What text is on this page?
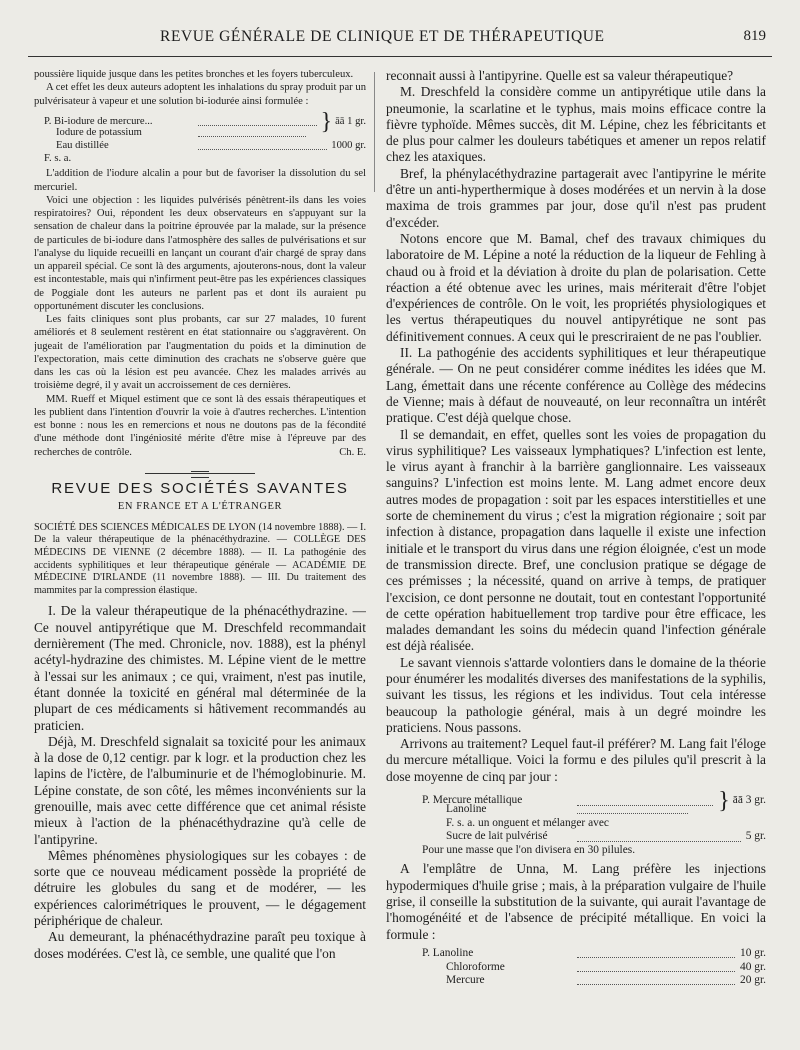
REVUE GÉNÉRALE DE CLINIQUE ET DE THÉRAPEUTIQUE	819

poussière liquide jusque dans les petites bronches et les foyers tuberculeux.

A cet effet les deux auteurs adoptent les inhalations du spray produit par un pulvérisateur à vapeur et une solution bi-iodurée ainsi formulée :

P. Bi-iodure de mercure...	} āā 1 gr.
Iodure de potassium
Eau distillée	1000 gr.
F. s. a.

L'addition de l'iodure alcalin a pour but de favoriser la dissolution du sel mercuriel.

Voici une objection : les liquides pulvérisés pénètrent-ils dans les voies respiratoires? Oui, répondent les deux observateurs en s'appuyant sur la sensation de chaleur dans la poitrine éprouvée par la malade, sur la présence de particules de bi-iodure dans l'atmosphère des salles de pulvérisations et sur l'analyse du liquide recueilli en lançant un courant d'air chargé de spray dans un appareil spécial. Ce sont là des arguments, ajouterons-nous, dont la valeur est incontestable, mais qui n'infirment peut-être pas les expériences classiques de Poggiale dont les auteurs ne parlent pas et dont ils auraient pu opportunément discuter les conclusions.

Les faits cliniques sont plus probants, car sur 27 malades, 10 furent améliorés et 8 seulement restèrent en état stationnaire ou s'aggravèrent. On jugeait de l'amélioration par l'augmentation du poids et la diminution de l'expectoration, mais cette diminution des crachats ne s'observe guère que dans les cas où la lésion est peu avancée. Chez les malades arrivés au troisième degré, il y avait un accroissement de ces dernières.

MM. Rueff et Miquel estiment que ce sont là des essais thérapeutiques et les publient dans l'intention d'ouvrir la voie à d'autres recherches. L'intention est bonne : nous les en remercions et nous ne doutons pas de la fécondité d'une méthode dont l'ingéniosité mérite d'être mise à l'épreuve par des recherches de contrôle.	Ch. E.

REVUE DES SOCIÉTÉS SAVANTES
EN FRANCE ET A L'ÉTRANGER

SOCIÉTÉ DES SCIENCES MÉDICALES DE LYON (14 novembre 1888). — I. De la valeur thérapeutique de la phénacéthydrazine. — COLLÈGE DES MÉDECINS DE VIENNE (2 décembre 1888). — II. La pathogénie des accidents syphilitiques et leur thérapeutique générale — ACADÉMIE DE MÉDECINE D'IRLANDE (11 novembre 1888). — III. Du traitement des mammites par la compression élastique.

I. De la valeur thérapeutique de la phénacéthydrazine. — Ce nouvel antipyrétique que M. Dreschfeld recommandait dernièrement (The med. Chronicle, nov. 1888), est la phényl acétyl-hydrazine des chimistes. M. Lépine vient de le mettre à l'essai sur les animaux ; ce qui, vraiment, n'est pas inutile, étant donnée la toxicité en général mal déterminée de la plupart de ces médicaments si hâtivement recommandés au praticien.

Déjà, M. Dreschfeld signalait sa toxicité pour les animaux à la dose de 0,12 centigr. par k logr. et la production chez les lapins de l'ictère, de l'albuminurie et de l'hémoglobinurie. M. Lépine constate, de son côté, les mêmes inconvénients sur la grenouille, mais avec cette différence que cet animal résiste mieux à l'action de la phénacéthydrazine qu'à celle de l'antipyrine.

Mêmes phénomènes physiologiques sur les cobayes : de sorte que ce nouveau médicament possède la propriété de détruire les globules du sang et de modérer, — les expériences calorimétriques le prouvent, — le dégagement périphérique de chaleur.

Au demeurant, la phénacéthydrazine paraît peu toxique à doses modérées. C'est là, ce semble, une qualité que l'on

reconnait aussi à l'antipyrine. Quelle est sa valeur thérapeutique?

M. Dreschfeld la considère comme un antipyrétique utile dans la pneumonie, la scarlatine et le typhus, mais moins efficace contre la fièvre typhoïde. Mêmes succès, dit M. Lépine, chez les fébricitants et de plus pour calmer les douleurs tabétiques et amener un repos relatif chez les ataxiques.

Bref, la phénylacéthydrazine partagerait avec l'antipyrine le mérite d'être un anti-hyperthermique à doses modérées et un nervin à la dose maxima de trois grammes par jour, dose qu'il n'est pas prudent d'excéder.

Notons encore que M. Bamal, chef des travaux chimiques du laboratoire de M. Lépine a noté la réduction de la liqueur de Fehling à chaud ou à froid et la déviation à droite du plan de polarisation. Cette réaction a été obtenue avec les urines, mais mériterait d'être l'objet d'expériences de contrôle. On le voit, les propriétés physiologiques et les vertus thérapeutiques du nouvel antipyrétique ne sont pas définitivement connues. A ceux qui le prescriraient de ne pas l'oublier.

II. La pathogénie des accidents syphilitiques et leur thérapeutique générale. — On ne peut considérer comme inédites les idées que M. Lang, émettait dans une récente conférence au Collège des médecins de Vienne; mais à défaut de nouveauté, on leur reconnaîtra un intérêt pratique. C'est déjà quelque chose.

Il se demandait, en effet, quelles sont les voies de propagation du virus syphilitique? Les vaisseaux lymphatiques? L'infection est lente, le virus ayant à franchir à la barrière ganglionnaire. Les vaisseaux sanguins? L'infection est moins lente. M. Lang admet encore deux autres modes de propagation : soit par les espaces interstitielles et une sorte de cheminement du virus ; c'est la migration régionaire ; soit par infection à distance, propagation dans laquelle il existe une infection initiale et le transport du virus dans une région éloignée, c'est un mode de transmission directe. Bref, une conclusion pratique se dégage de ces prémisses ; la nécessité, quand on arrive à temps, de pratiquer l'excision, ce dont personne ne doutait, tout en contestant l'opportunité de cette opération habituellement trop tardive pour être efficace, les malades demandant les soins du médecin quand l'infection générale est déjà réalisée.

Le savant viennois s'attarde volontiers dans le domaine de la théorie pour énumérer les modalités diverses des manifestations de la syphilis, suivant les tissus, les régions et les individus. Tout cela intéresse beaucoup la pathologie général, mais à un degré moindre les praticiens. Nous passons.

Arrivons au traitement? Lequel faut-il préférer? M. Lang fait l'éloge du mercure métallique. Voici la formu e des pilules qu'il prescrit à la dose moyenne de cinq par jour :

P. Mercure métallique	} āā 3 gr.
Lanoline
F. s. a. un onguent et mélanger avec
Sucre de lait pulvérisé	5 gr.
Pour une masse que l'on divisera en 30 pilules.

A l'emplâtre de Unna, M. Lang préfère les injections hypodermiques d'huile grise ; mais, à la préparation vulgaire de l'huile grise, il conseille la substitution de la suivante, qui aurait l'avantage de l'homogénéité et de l'absence de précipité métallique. En voici la formule :

P. Lanoline	10 gr.
Chloroforme	40 gr.
Mercure	20 gr.
